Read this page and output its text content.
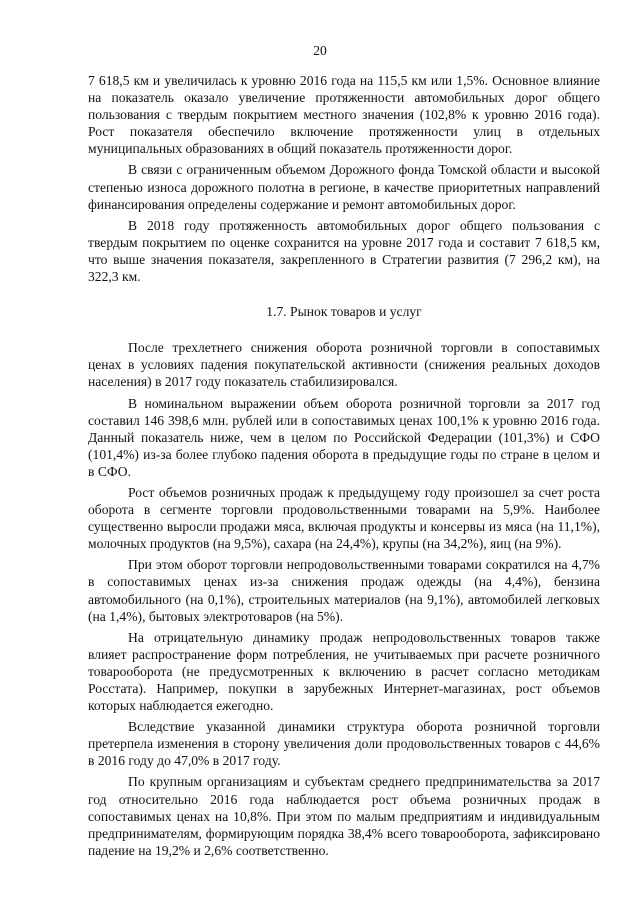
20

7 618,5 км и увеличилась к уровню 2016 года на 115,5 км или 1,5%. Основное влияние на показатель оказало увеличение протяженности автомобильных дорог общего пользования с твердым покрытием местного значения (102,8% к уровню 2016 года). Рост показателя обеспечило включение протяженности улиц в отдельных муниципальных образованиях в общий показатель протяженности дорог.

В связи с ограниченным объемом Дорожного фонда Томской области и высокой степенью износа дорожного полотна в регионе, в качестве приоритетных направлений финансирования определены содержание и ремонт автомобильных дорог.

В 2018 году протяженность автомобильных дорог общего пользования с твердым покрытием по оценке сохранится на уровне 2017 года и составит 7 618,5 км, что выше значения показателя, закрепленного в Стратегии развития (7 296,2 км), на 322,3 км.

1.7. Рынок товаров и услуг

После трехлетнего снижения оборота розничной торговли в сопоставимых ценах в условиях падения покупательской активности (снижения реальных доходов населения) в 2017 году показатель стабилизировался.

В номинальном выражении объем оборота розничной торговли за 2017 год составил 146 398,6 млн. рублей или в сопоставимых ценах 100,1% к уровню 2016 года. Данный показатель ниже, чем в целом по Российской Федерации (101,3%) и СФО (101,4%) из-за более глубоко падения оборота в предыдущие годы по стране в целом и в СФО.

Рост объемов розничных продаж к предыдущему году произошел за счет роста оборота в сегменте торговли продовольственными товарами на 5,9%. Наиболее существенно выросли продажи мяса, включая продукты и консервы из мяса (на 11,1%), молочных продуктов (на 9,5%), сахара (на 24,4%), крупы (на 34,2%), яиц (на 9%).

При этом оборот торговли непродовольственными товарами сократился на 4,7% в сопоставимых ценах из-за снижения продаж одежды (на 4,4%), бензина автомобильного (на 0,1%), строительных материалов (на 9,1%), автомобилей легковых (на 1,4%), бытовых электротоваров (на 5%).

На отрицательную динамику продаж непродовольственных товаров также влияет распространение форм потребления, не учитываемых при расчете розничного товарооборота (не предусмотренных к включению в расчет согласно методикам Росстата). Например, покупки в зарубежных Интернет-магазинах, рост объемов которых наблюдается ежегодно.

Вследствие указанной динамики структура оборота розничной торговли претерпела изменения в сторону увеличения доли продовольственных товаров с 44,6% в 2016 году до 47,0% в 2017 году.

По крупным организациям и субъектам среднего предпринимательства за 2017 год относительно 2016 года наблюдается рост объема розничных продаж в сопоставимых ценах на 10,8%. При этом по малым предприятиям и индивидуальным предпринимателям, формирующим порядка 38,4% всего товарооборота, зафиксировано падение на 19,2% и 2,6% соответственно.
